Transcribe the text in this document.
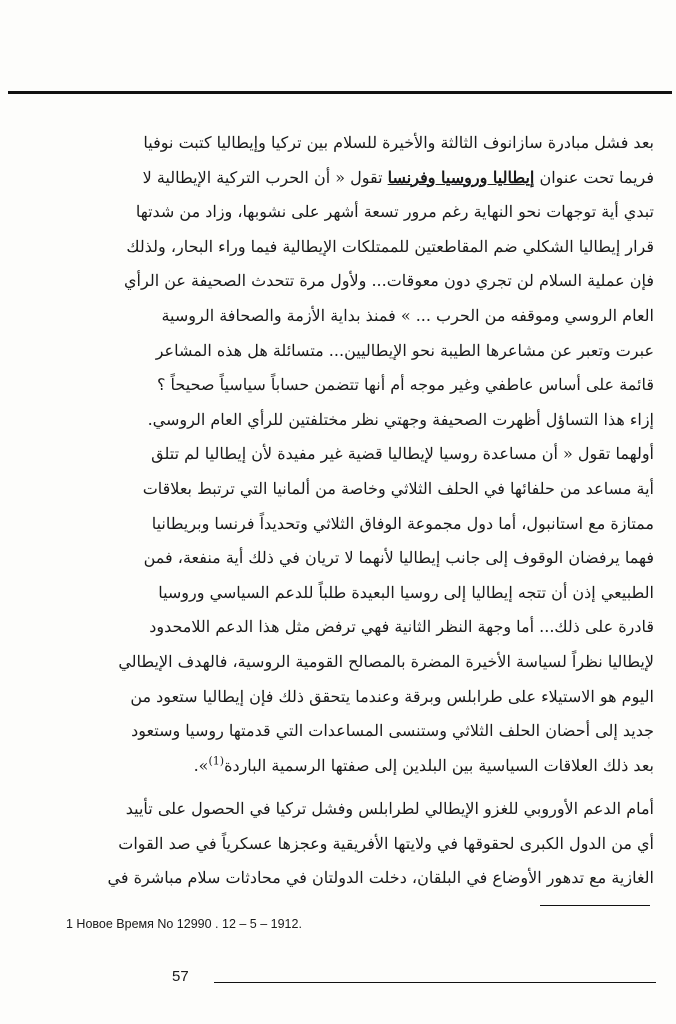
بعد فشل مبادرة سازانوف الثالثة والأخيرة للسلام بين تركيا وإيطاليا كتبت نوفيا
فريما تحت عنوان إيطاليا وروسيا وفرنسا تقول « أن الحرب التركية الإيطالية لا
تبدي أية توجهات نحو النهاية رغم مرور تسعة أشهر على نشوبها، وزاد من شدتها
قرار إيطاليا الشكلي ضم المقاطعتين للممتلكات الإيطالية فيما وراء البحار، ولذلك
فإن عملية السلام لن تجري دون معوقات... ولأول مرة تتحدث الصحيفة عن الرأي
العام الروسي وموقفه من الحرب ... » فمنذ بداية الأزمة والصحافة الروسية
عبرت وتعبر عن مشاعرها الطيبة نحو الإيطاليين... متسائلة هل هذه المشاعر
قائمة على أساس عاطفي وغير موجه أم أنها تتضمن حساباً سياسياً صحيحاً ؟
إزاء هذا التساؤل أظهرت الصحيفة وجهتي نظر مختلفتين للرأي العام الروسي.
أولهما تقول « أن مساعدة روسيا لإيطاليا قضية غير مفيدة لأن إيطاليا لم تتلق
أية مساعد من حلفائها في الحلف الثلاثي وخاصة من ألمانيا التي ترتبط بعلاقات
ممتازة مع استانبول، أما دول مجموعة الوفاق الثلاثي وتحديداً فرنسا وبريطانيا
فهما يرفضان الوقوف إلى جانب إيطاليا لأنهما لا تريان في ذلك أية منفعة، فمن
الطبيعي إذن أن تتجه إيطاليا إلى روسيا البعيدة طلباً للدعم السياسي وروسيا
قادرة على ذلك... أما وجهة النظر الثانية فهي ترفض مثل هذا الدعم اللامحدود
لإيطاليا نظراً لسياسة الأخيرة المضرة بالمصالح القومية الروسية، فالهدف الإيطالي
اليوم هو الاستيلاء على طرابلس وبرقة وعندما يتحقق ذلك فإن إيطاليا ستعود من
جديد إلى أحضان الحلف الثلاثي وستنسى المساعدات التي قدمتها روسيا وستعود
بعد ذلك العلاقات السياسية بين البلدين إلى صفتها الرسمية الباردة$^{(1)}$».

أمام الدعم الأوروبي للغزو الإيطالي لطرابلس وفشل تركيا في الحصول على تأييد
أي من الدول الكبرى لحقوقها في ولايتها الأفريقية وعجزها عسكرياً في صد القوات
الغازية مع تدهور الأوضاع في البلقان، دخلت الدولتان في محادثات سلام مباشرة في

1 Новое Время No 12990 . 12 – 5 – 1912.
57
